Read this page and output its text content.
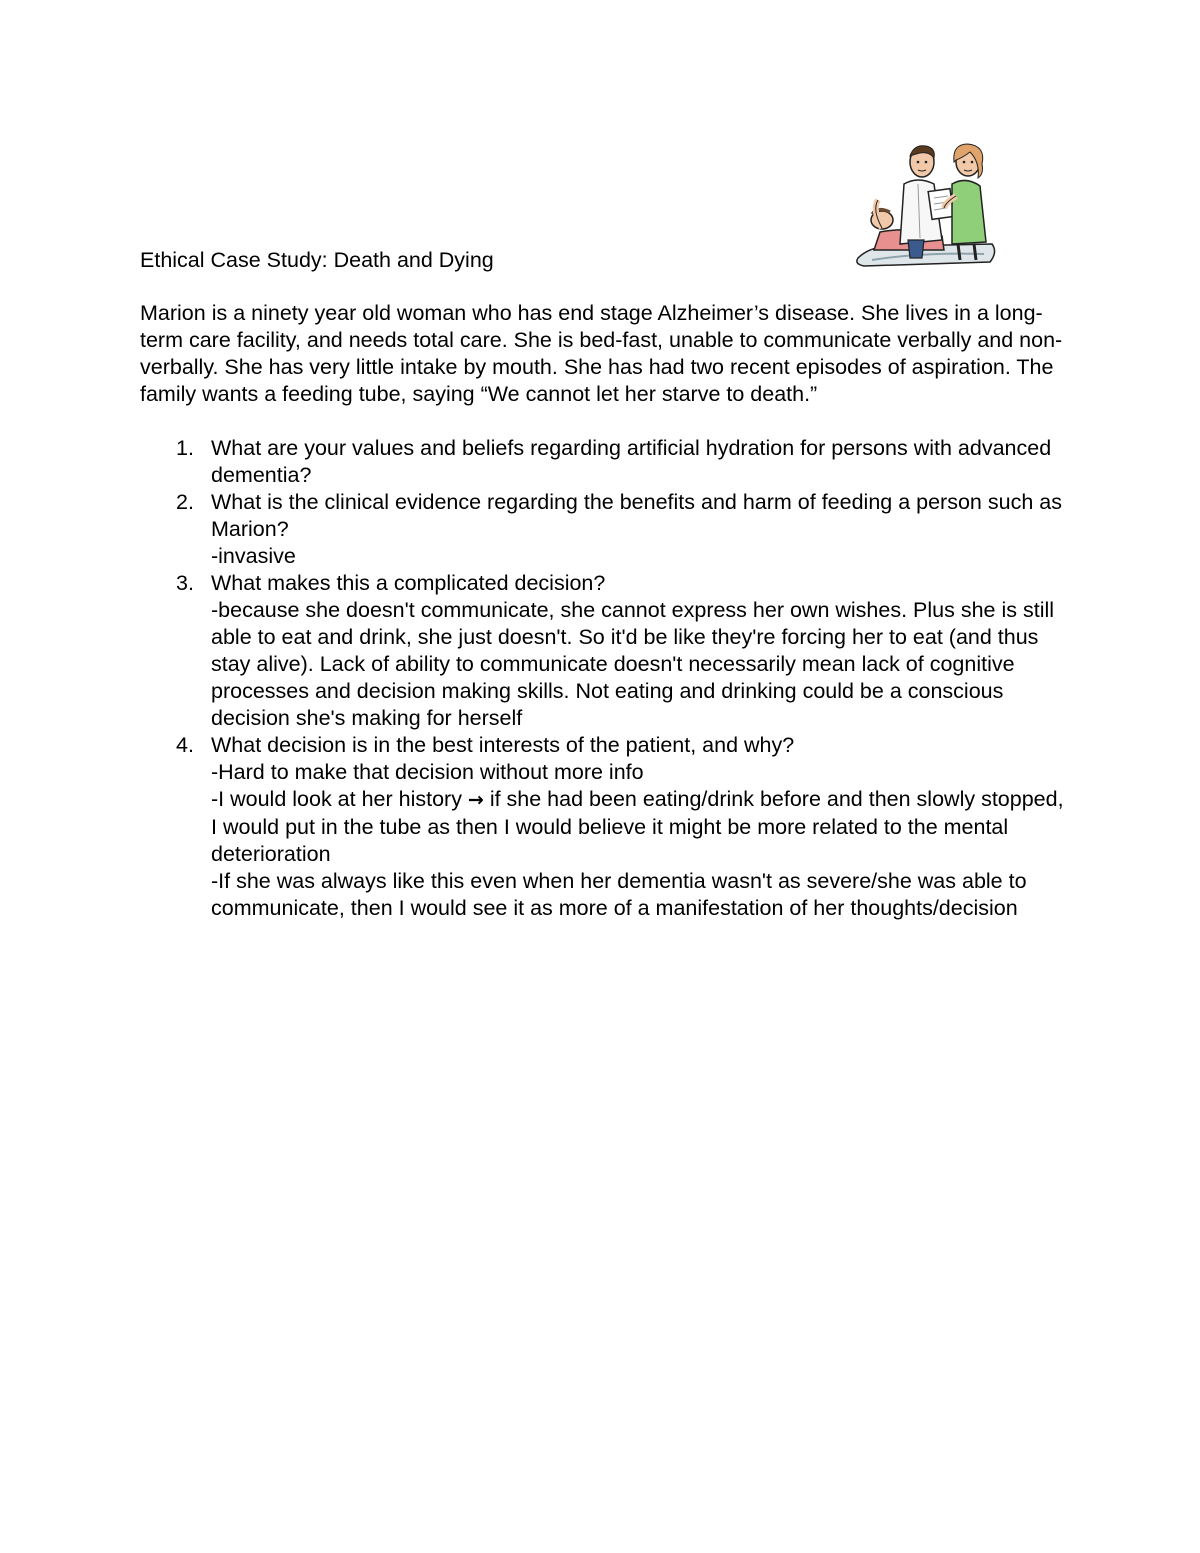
Ethical Case Study: Death and Dying

Marion is a ninety year old woman who has end stage Alzheimer’s disease. She lives in a long-term care facility, and needs total care. She is bed-fast, unable to communicate verbally and non-verbally. She has very little intake by mouth. She has had two recent episodes of aspiration. The family wants a feeding tube, saying “We cannot let her starve to death.”

1. What are your values and beliefs regarding artificial hydration for persons with advanced dementia?
2. What is the clinical evidence regarding the benefits and harm of feeding a person such as Marion?
-invasive
3. What makes this a complicated decision?
-because she doesn't communicate, she cannot express her own wishes. Plus she is still able to eat and drink, she just doesn't. So it'd be like they're forcing her to eat (and thus stay alive). Lack of ability to communicate doesn't necessarily mean lack of cognitive processes and decision making skills. Not eating and drinking could be a conscious decision she's making for herself
4. What decision is in the best interests of the patient, and why?
-Hard to make that decision without more info
-I would look at her history → if she had been eating/drink before and then slowly stopped, I would put in the tube as then I would believe it might be more related to the mental deterioration
-If she was always like this even when her dementia wasn't as severe/she was able to communicate, then I would see it as more of a manifestation of her thoughts/decision
